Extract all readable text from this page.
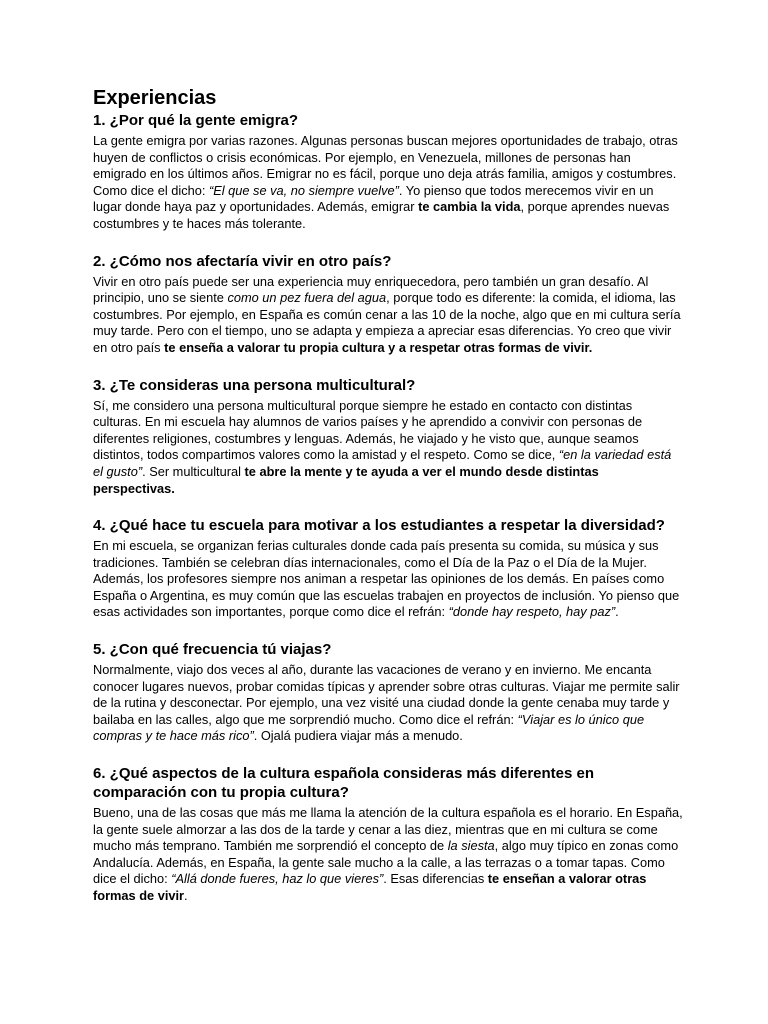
Experiencias
1. ¿Por qué la gente emigra?

La gente emigra por varias razones. Algunas personas buscan mejores oportunidades de trabajo, otras huyen de conflictos o crisis económicas. Por ejemplo, en Venezuela, millones de personas han emigrado en los últimos años. Emigrar no es fácil, porque uno deja atrás familia, amigos y costumbres. Como dice el dicho: “El que se va, no siempre vuelve”. Yo pienso que todos merecemos vivir en un lugar donde haya paz y oportunidades. Además, emigrar te cambia la vida, porque aprendes nuevas costumbres y te haces más tolerante.

2. ¿Cómo nos afectaría vivir en otro país?

Vivir en otro país puede ser una experiencia muy enriquecedora, pero también un gran desafío. Al principio, uno se siente como un pez fuera del agua, porque todo es diferente: la comida, el idioma, las costumbres. Por ejemplo, en España es común cenar a las 10 de la noche, algo que en mi cultura sería muy tarde. Pero con el tiempo, uno se adapta y empieza a apreciar esas diferencias. Yo creo que vivir en otro país te enseña a valorar tu propia cultura y a respetar otras formas de vivir.

3. ¿Te consideras una persona multicultural?

Sí, me considero una persona multicultural porque siempre he estado en contacto con distintas culturas. En mi escuela hay alumnos de varios países y he aprendido a convivir con personas de diferentes religiones, costumbres y lenguas. Además, he viajado y he visto que, aunque seamos distintos, todos compartimos valores como la amistad y el respeto. Como se dice, “en la variedad está el gusto”. Ser multicultural te abre la mente y te ayuda a ver el mundo desde distintas perspectivas.

4. ¿Qué hace tu escuela para motivar a los estudiantes a respetar la diversidad?

En mi escuela, se organizan ferias culturales donde cada país presenta su comida, su música y sus tradiciones. También se celebran días internacionales, como el Día de la Paz o el Día de la Mujer. Además, los profesores siempre nos animan a respetar las opiniones de los demás. En países como España o Argentina, es muy común que las escuelas trabajen en proyectos de inclusión. Yo pienso que esas actividades son importantes, porque como dice el refrán: “donde hay respeto, hay paz”.

5. ¿Con qué frecuencia tú viajas?

Normalmente, viajo dos veces al año, durante las vacaciones de verano y en invierno. Me encanta conocer lugares nuevos, probar comidas típicas y aprender sobre otras culturas. Viajar me permite salir de la rutina y desconectar. Por ejemplo, una vez visité una ciudad donde la gente cenaba muy tarde y bailaba en las calles, algo que me sorprendió mucho. Como dice el refrán: “Viajar es lo único que compras y te hace más rico”. Ojalá pudiera viajar más a menudo.

6. ¿Qué aspectos de la cultura española consideras más diferentes en comparación con tu propia cultura?

Bueno, una de las cosas que más me llama la atención de la cultura española es el horario. En España, la gente suele almorzar a las dos de la tarde y cenar a las diez, mientras que en mi cultura se come mucho más temprano. También me sorprendió el concepto de la siesta, algo muy típico en zonas como Andalucía. Además, en España, la gente sale mucho a la calle, a las terrazas o a tomar tapas. Como dice el dicho: “Allá donde fueres, haz lo que vieres”. Esas diferencias te enseñan a valorar otras formas de vivir.
